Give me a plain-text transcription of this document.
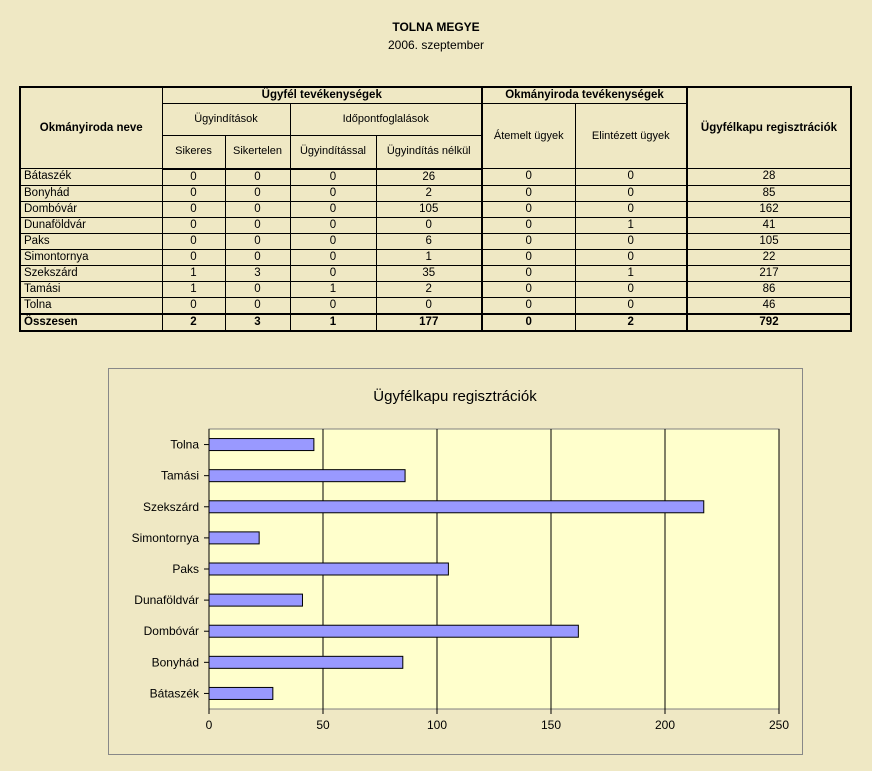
TOLNA MEGYE
2006. szeptember
Okmányiroda neve	Ügyfél tevékenységek				Okmányiroda tevékenységek		Ügyfélkapu regisztrációk
	Ügyindítások		Időpontfoglalások		Átemelt ügyek	Elintézett ügyek	
	Sikeres	Sikertelen	Ügyindítással	Ügyindítás nélkül			
Bátaszék	0	0	0	26	0	0	28
Bonyhád	0	0	0	2	0	0	85
Dombóvár	0	0	0	105	0	0	162
Dunaföldvár	0	0	0	0	0	1	41
Paks	0	0	0	6	0	0	105
Simontornya	0	0	0	1	0	0	22
Szekszárd	1	3	0	35	0	1	217
Tamási	1	0	1	2	0	0	86
Tolna	0	0	0	0	0	0	46
Összesen	2	3	1	177	0	2	792
Ügyfélkapu regisztrációk
Bátaszék
Bonyhád
Dombóvár
Dunaföldvár
Paks
Simontornya
Szekszárd
Tamási
Tolna
0	50	100	150	200	250
